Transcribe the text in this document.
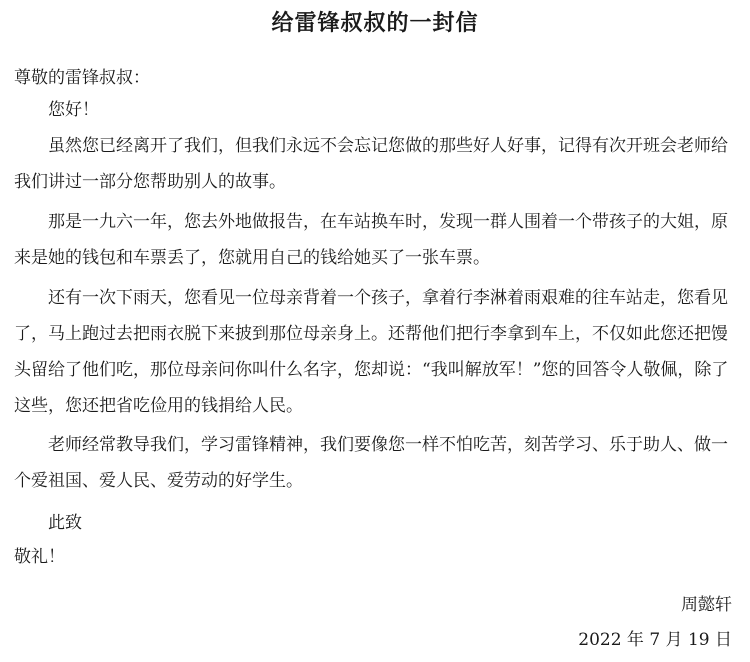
给雷锋叔叔的一封信
尊敬的雷锋叔叔：
您好！
虽然您已经离开了我们，但我们永远不会忘记您做的那些好人好事，记得有次开班会老师给我们讲过一部分您帮助别人的故事。
那是一九六一年，您去外地做报告，在车站换车时，发现一群人围着一个带孩子的大姐，原来是她的钱包和车票丢了，您就用自己的钱给她买了一张车票。
还有一次下雨天，您看见一位母亲背着一个孩子，拿着行李淋着雨艰难的往车站走，您看见了，马上跑过去把雨衣脱下来披到那位母亲身上。还帮他们把行李拿到车上，不仅如此您还把馒头留给了他们吃，那位母亲问你叫什么名字，您却说：“我叫解放军！”您的回答令人敬佩，除了这些，您还把省吃俭用的钱捐给人民。
老师经常教导我们，学习雷锋精神，我们要像您一样不怕吃苦，刻苦学习、乐于助人、做一个爱祖国、爱人民、爱劳动的好学生。
此致
敬礼！
周懿轩
2022 年 7 月 19 日
